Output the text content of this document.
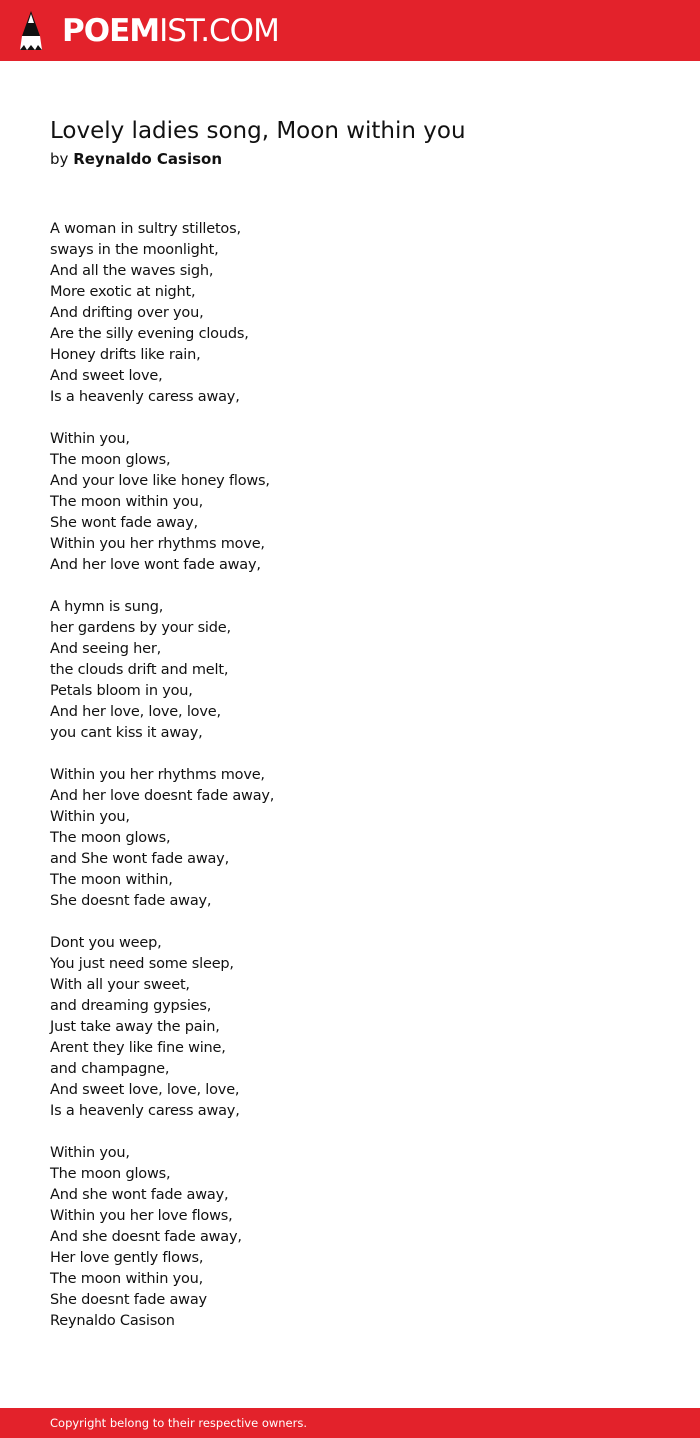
POEMIST.COM
Lovely ladies song, Moon within you
by Reynaldo Casison
A woman in sultry stilletos,
sways in the moonlight,
And all the waves sigh,
More exotic at night,
And drifting over you,
Are the silly evening clouds,
Honey drifts like rain,
And sweet love,
Is a heavenly caress away,
Within you,
The moon glows,
And your love like honey flows,
The moon within you,
She wont fade away,
Within you her rhythms move,
And her love wont fade away,
A hymn is sung,
her gardens by your side,
And seeing her,
the clouds drift and melt,
Petals bloom in you,
And her love, love, love,
you cant kiss it away,
Within you her rhythms move,
And her love doesnt fade away,
Within you,
The moon glows,
and She wont fade away,
The moon within,
She doesnt fade away,
Dont you weep,
You just need some sleep,
With all your sweet,
and dreaming gypsies,
Just take away the pain,
Arent they like fine wine,
and champagne,
And sweet love, love, love,
Is a heavenly caress away,
Within you,
The moon glows,
And she wont fade away,
Within you her love flows,
And she doesnt fade away,
Her love gently flows,
The moon within you,
She doesnt fade away
Reynaldo Casison
Copyright belong to their respective owners.
